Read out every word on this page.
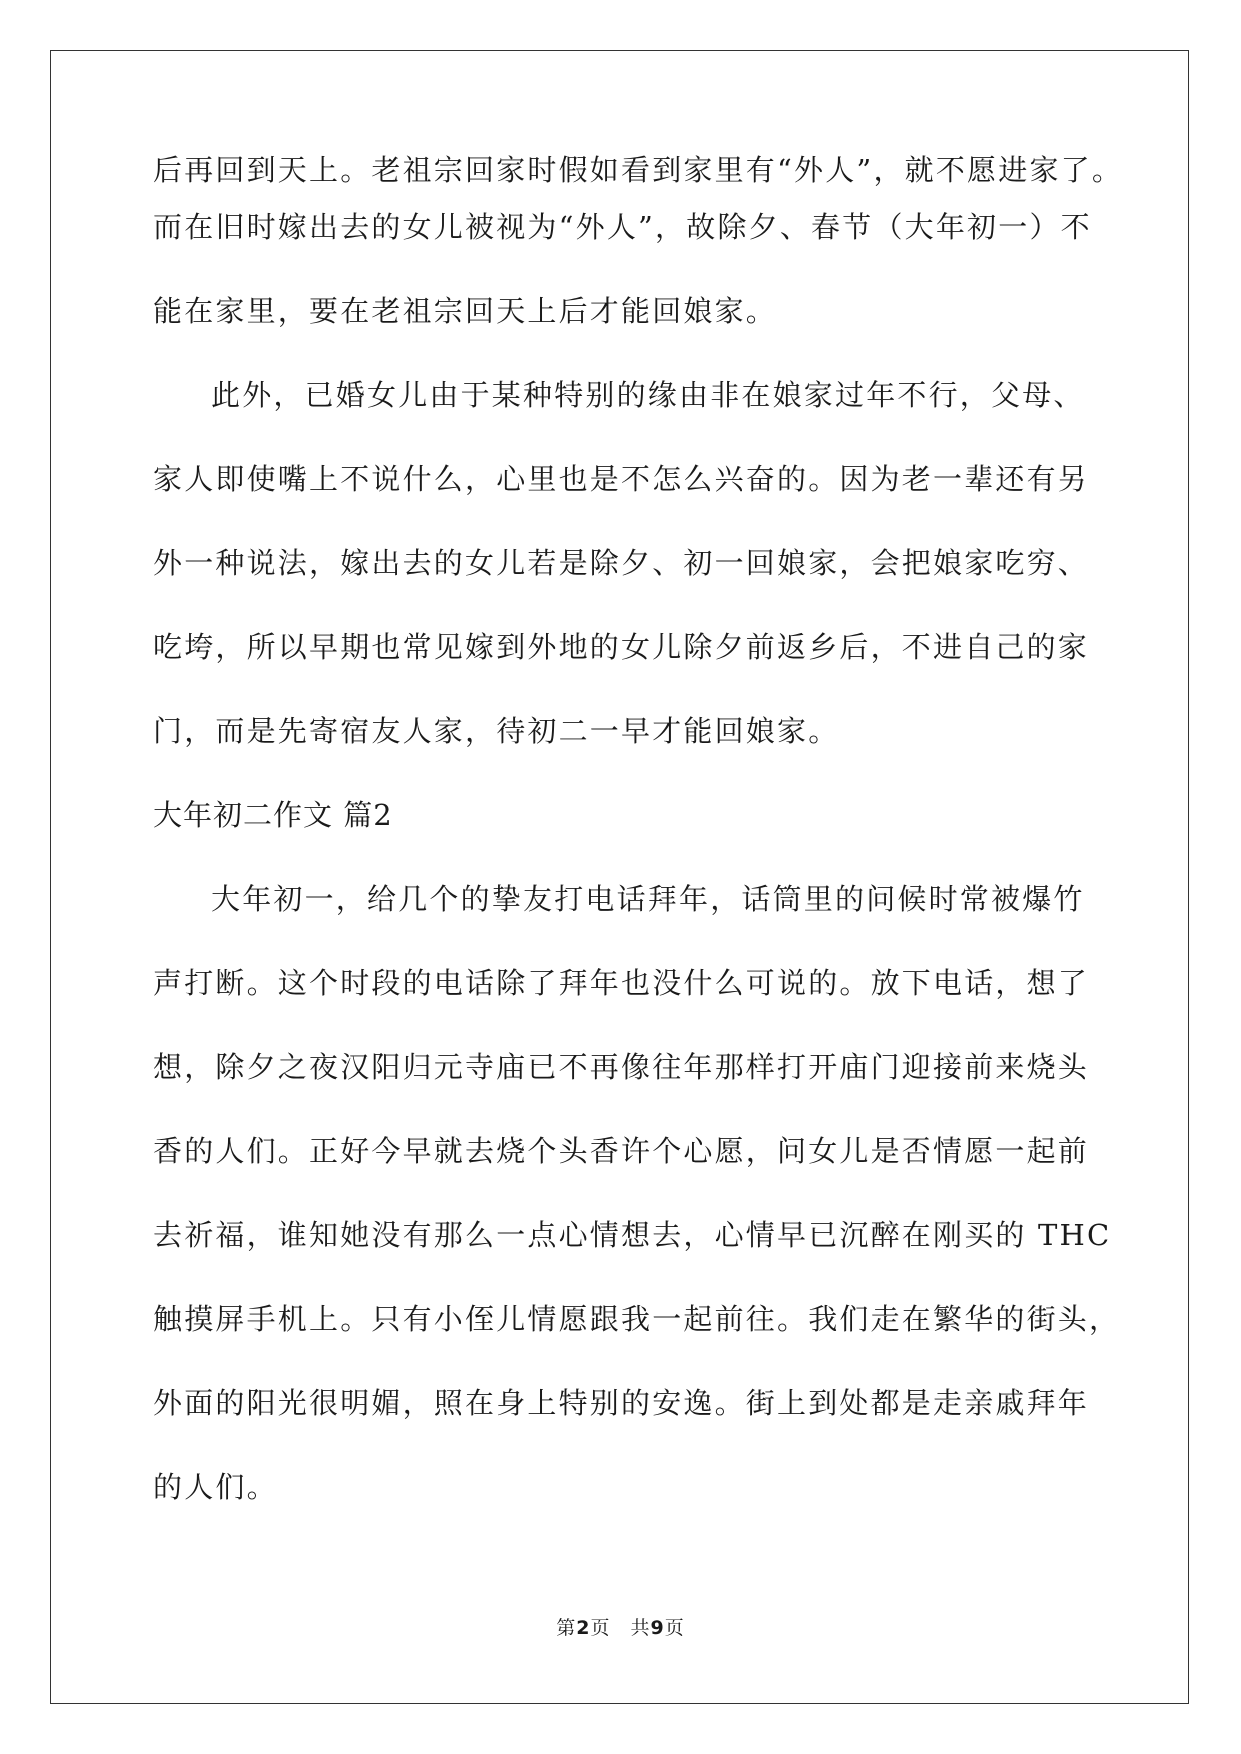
后再回到天上。老祖宗回家时假如看到家里有“外人”，就不愿进家了。
而在旧时嫁出去的女儿被视为“外人”，故除夕、春节（大年初一）不
能在家里，要在老祖宗回天上后才能回娘家。
此外，已婚女儿由于某种特别的缘由非在娘家过年不行，父母、
家人即使嘴上不说什么，心里也是不怎么兴奋的。因为老一辈还有另
外一种说法，嫁出去的女儿若是除夕、初一回娘家，会把娘家吃穷、
吃垮，所以早期也常见嫁到外地的女儿除夕前返乡后，不进自己的家
门，而是先寄宿友人家，待初二一早才能回娘家。
大年初二作文 篇2
大年初一，给几个的挚友打电话拜年，话筒里的问候时常被爆竹
声打断。这个时段的电话除了拜年也没什么可说的。放下电话，想了
想，除夕之夜汉阳归元寺庙已不再像往年那样打开庙门迎接前来烧头
香的人们。正好今早就去烧个头香许个心愿，问女儿是否情愿一起前
去祈福，谁知她没有那么一点心情想去，心情早已沉醉在刚买的 THC
触摸屏手机上。只有小侄儿情愿跟我一起前往。我们走在繁华的街头，
外面的阳光很明媚，照在身上特别的安逸。街上到处都是走亲戚拜年
的人们。
第2页　共9页
